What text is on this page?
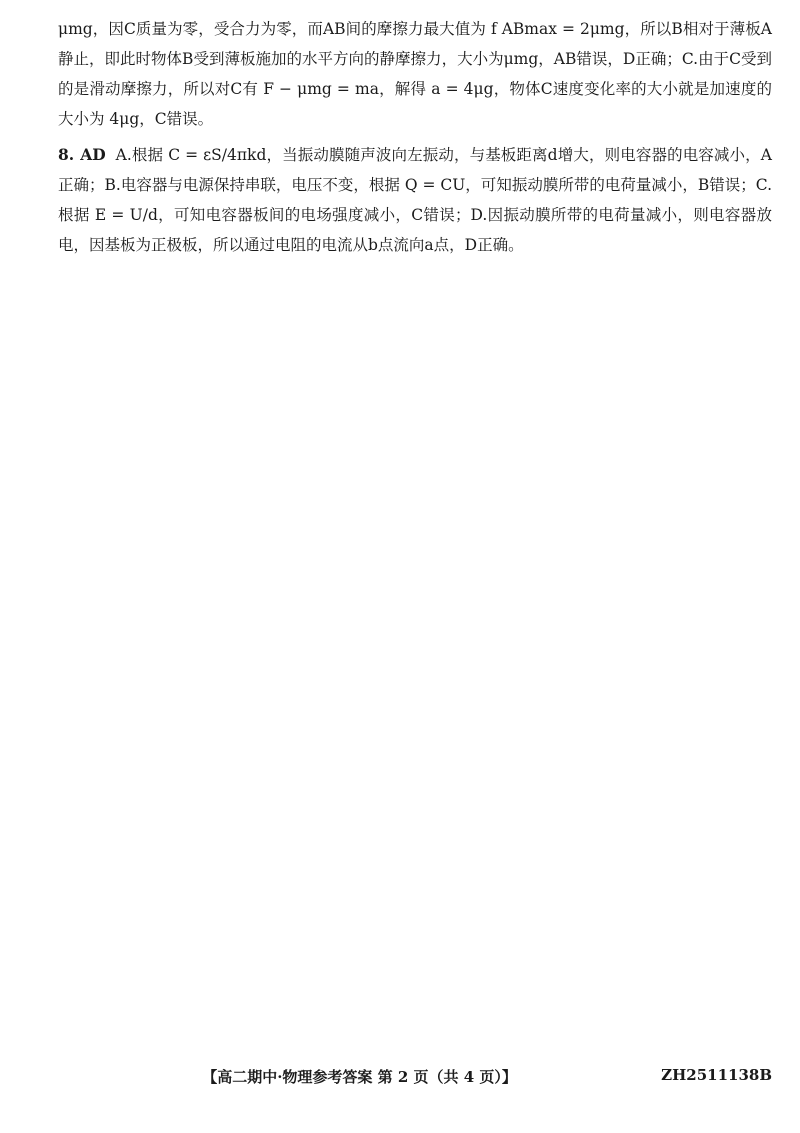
μmg，因C质量为零，受合力为零，而AB间的摩擦力最大值为 f ABmax = 2μmg，所以B相对于薄板A静止，即此时物体B受到薄板施加的水平方向的静摩擦力，大小为μmg，AB错误，D正确；C.由于C受到的是滑动摩擦力，所以对C有 F − μmg = ma，解得 a = 4μg，物体C速度变化率的大小就是加速度的大小为 4μg，C错误。

8. AD A.根据 C = εS/4πkd，当振动膜随声波向左振动，与基板距离d增大，则电容器的电容减小，A正确；B.电容器与电源保持串联，电压不变，根据 Q = CU，可知振动膜所带的电荷量减小，B错误；C.根据 E = U/d，可知电容器板间的电场强度减小，C错误；D.因振动膜所带的电荷量减小，则电容器放电，因基板为正极板，所以通过电阻的电流从b点流向a点，D正确。

【高二期中·物理参考答案 第 2 页（共 4 页）】	ZH2511138B
